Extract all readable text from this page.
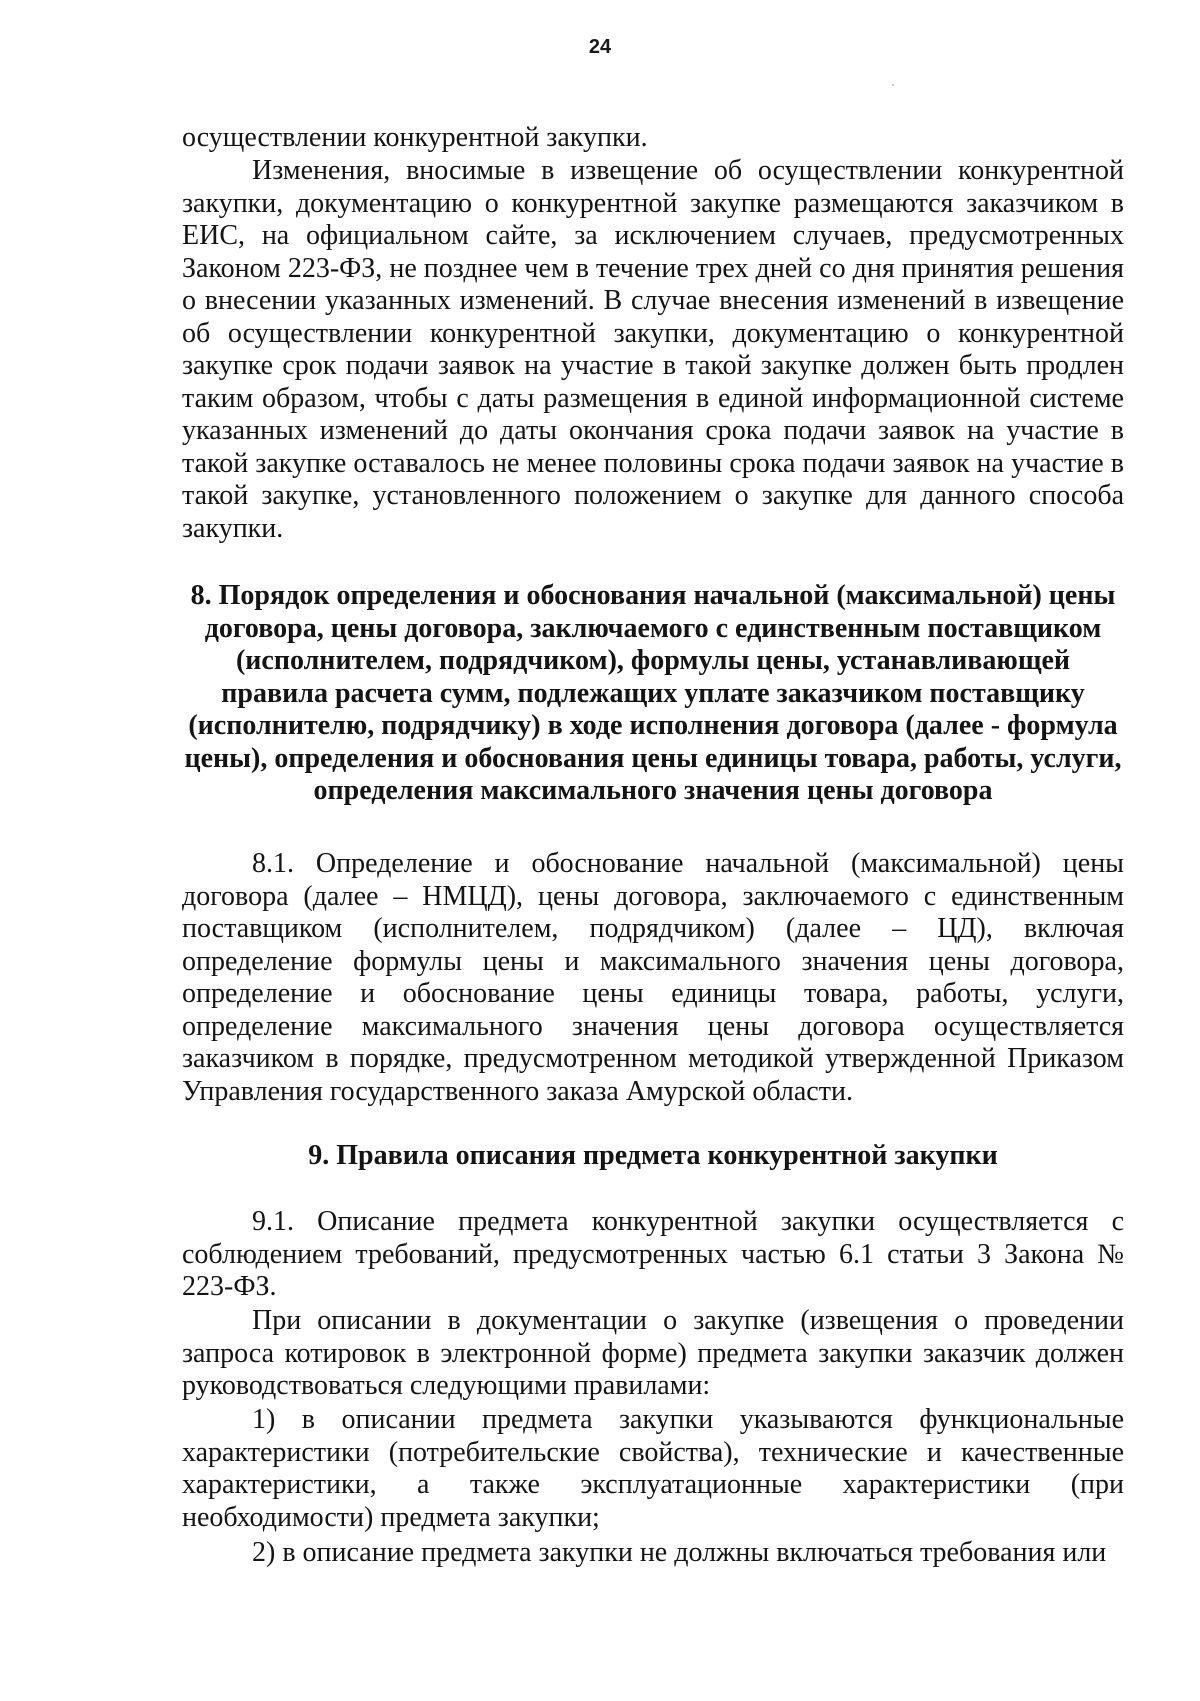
24

осуществлении конкурентной закупки.

Изменения, вносимые в извещение об осуществлении конкурентной закупки, документацию о конкурентной закупке размещаются заказчиком в ЕИС, на официальном сайте, за исключением случаев, предусмотренных Законом 223-ФЗ, не позднее чем в течение трех дней со дня принятия решения о внесении указанных изменений. В случае внесения изменений в извещение об осуществлении конкурентной закупки, документацию о конкурентной закупке срок подачи заявок на участие в такой закупке должен быть продлен таким образом, чтобы с даты размещения в единой информационной системе указанных изменений до даты окончания срока подачи заявок на участие в такой закупке оставалось не менее половины срока подачи заявок на участие в такой закупке, установленного положением о закупке для данного способа закупки.

8. Порядок определения и обоснования начальной (максимальной) цены договора, цены договора, заключаемого с единственным поставщиком (исполнителем, подрядчиком), формулы цены, устанавливающей правила расчета сумм, подлежащих уплате заказчиком поставщику (исполнителю, подрядчику) в ходе исполнения договора (далее - формула цены), определения и обоснования цены единицы товара, работы, услуги, определения максимального значения цены договора

8.1. Определение и обоснование начальной (максимальной) цены договора (далее – НМЦД), цены договора, заключаемого с единственным поставщиком (исполнителем, подрядчиком) (далее – ЦД), включая определение формулы цены и максимального значения цены договора, определение и обоснование цены единицы товара, работы, услуги, определение максимального значения цены договора осуществляется заказчиком в порядке, предусмотренном методикой утвержденной Приказом Управления государственного заказа Амурской области.

9. Правила описания предмета конкурентной закупки

9.1. Описание предмета конкурентной закупки осуществляется с соблюдением требований, предусмотренных частью 6.1 статьи 3 Закона № 223-ФЗ.

При описании в документации о закупке (извещения о проведении запроса котировок в электронной форме) предмета закупки заказчик должен руководствоваться следующими правилами:

1) в описании предмета закупки указываются функциональные характеристики (потребительские свойства), технические и качественные характеристики, а также эксплуатационные характеристики (при необходимости) предмета закупки;

2) в описание предмета закупки не должны включаться требования или
